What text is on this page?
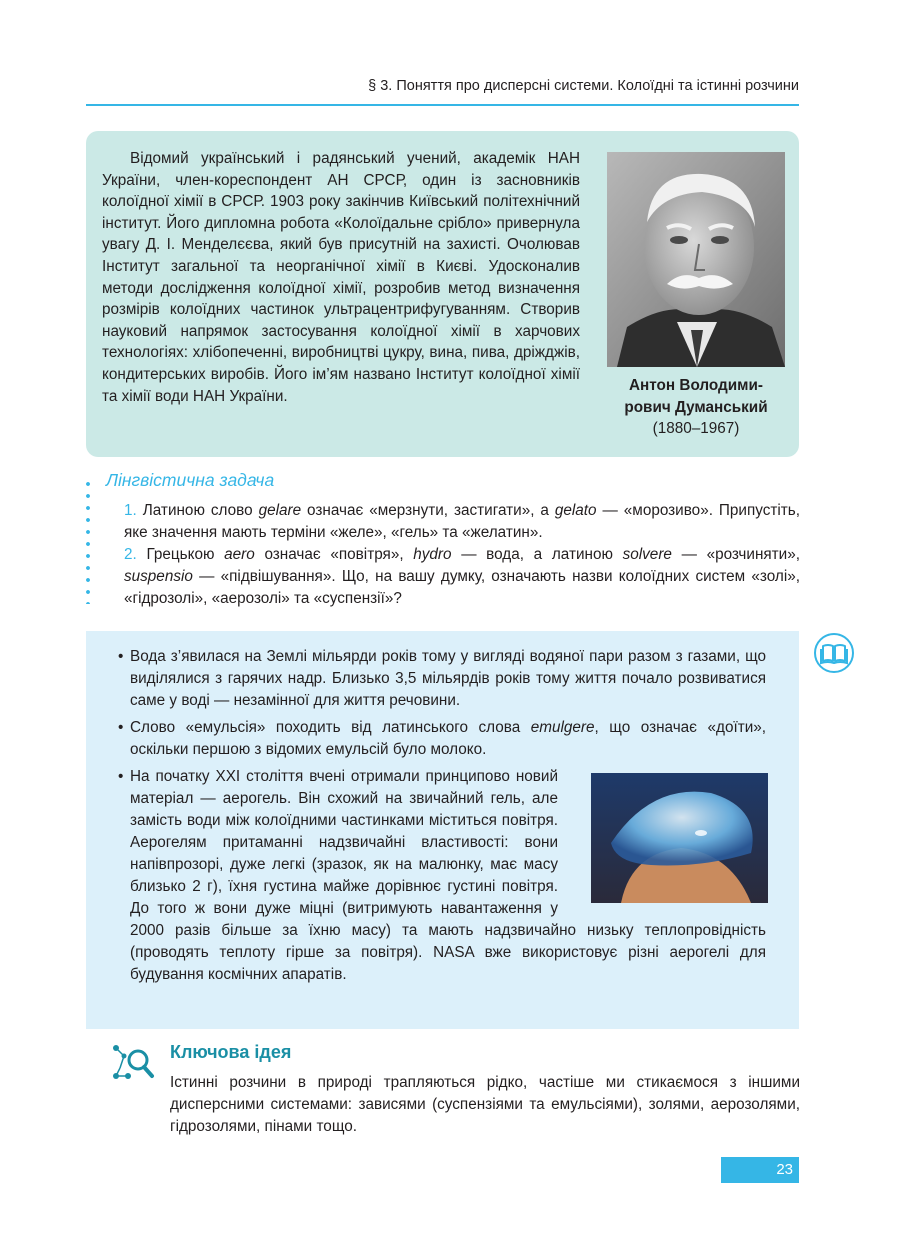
§ 3. Поняття про дисперсні системи. Колоїдні та істинні розчини
Відомий український і радянський учений, академік НАН України, член-кореспондент АН СРСР, один із засновників колоїдної хімії в СРСР. 1903 року закінчив Київський політехнічний інститут. Його дипломна робота «Колоїдальне срібло» привернула увагу Д. І. Менделєєва, який був присутній на захисті. Очолював Інститут загальної та неорганічної хімії в Києві. Удосконалив методи дослідження колоїдної хімії, розробив метод визначення розмірів колоїдних частинок ультрацентрифугуванням. Створив науковий напрямок застосування колоїдної хімії в харчових технологіях: хлібопеченні, виробництві цукру, вина, пива, дріжджів, кондитерських виробів. Його ім’ям названо Інститут колоїдної хімії та хімії води НАН України.
Антон Володими-
рович Думанський
(1880–1967)
Лінгвістична задача

1. Латиною слово gelare означає «мерзнути, застигати», а gelato — «морозиво». Припустіть, яке значення мають терміни «желе», «гель» та «желатин».

2. Грецькою aero означає «повітря», hydro — вода, а латиною solvere — «розчиняти», suspensio — «підвішування». Що, на вашу думку, означають назви колоїдних систем «золі», «гідрозолі», «аерозолі» та «суспензії»?

• Вода з’явилася на Землі мільярди років тому у вигляді водяної пари разом з газами, що виділялися з гарячих надр. Близько 3,5 мільярдів років тому життя почало розвиватися саме у воді — незамінної для життя речовини.
• Слово «емульсія» походить від латинського слова emulgere, що означає «доїти», оскільки першою з відомих емульсій було молоко.
• На початку XXI століття вчені отримали принципово новий матеріал — аерогель. Він схожий на звичайний гель, але замість води між колоїдними частинками міститься повітря. Аерогелям притаманні надзвичайні властивості: вони напівпрозорі, дуже легкі (зразок, як на малюнку, має масу близько 2 г), їхня густина майже дорівнює густині повітря. До того ж вони дуже міцні (витримують навантаження у 2000 разів більше за їхню масу) та мають надзвичайно низьку теплопровідність (проводять теплоту гірше за повітря). NASA вже використовує різні аерогелі для будування космічних апаратів.
Ключова ідея
Істинні розчини в природі трапляються рідко, частіше ми стикаємося з іншими дисперсними системами: зависями (суспензіями та емульсіями), золями, аерозолями, гідрозолями, пінами тощо.
23
